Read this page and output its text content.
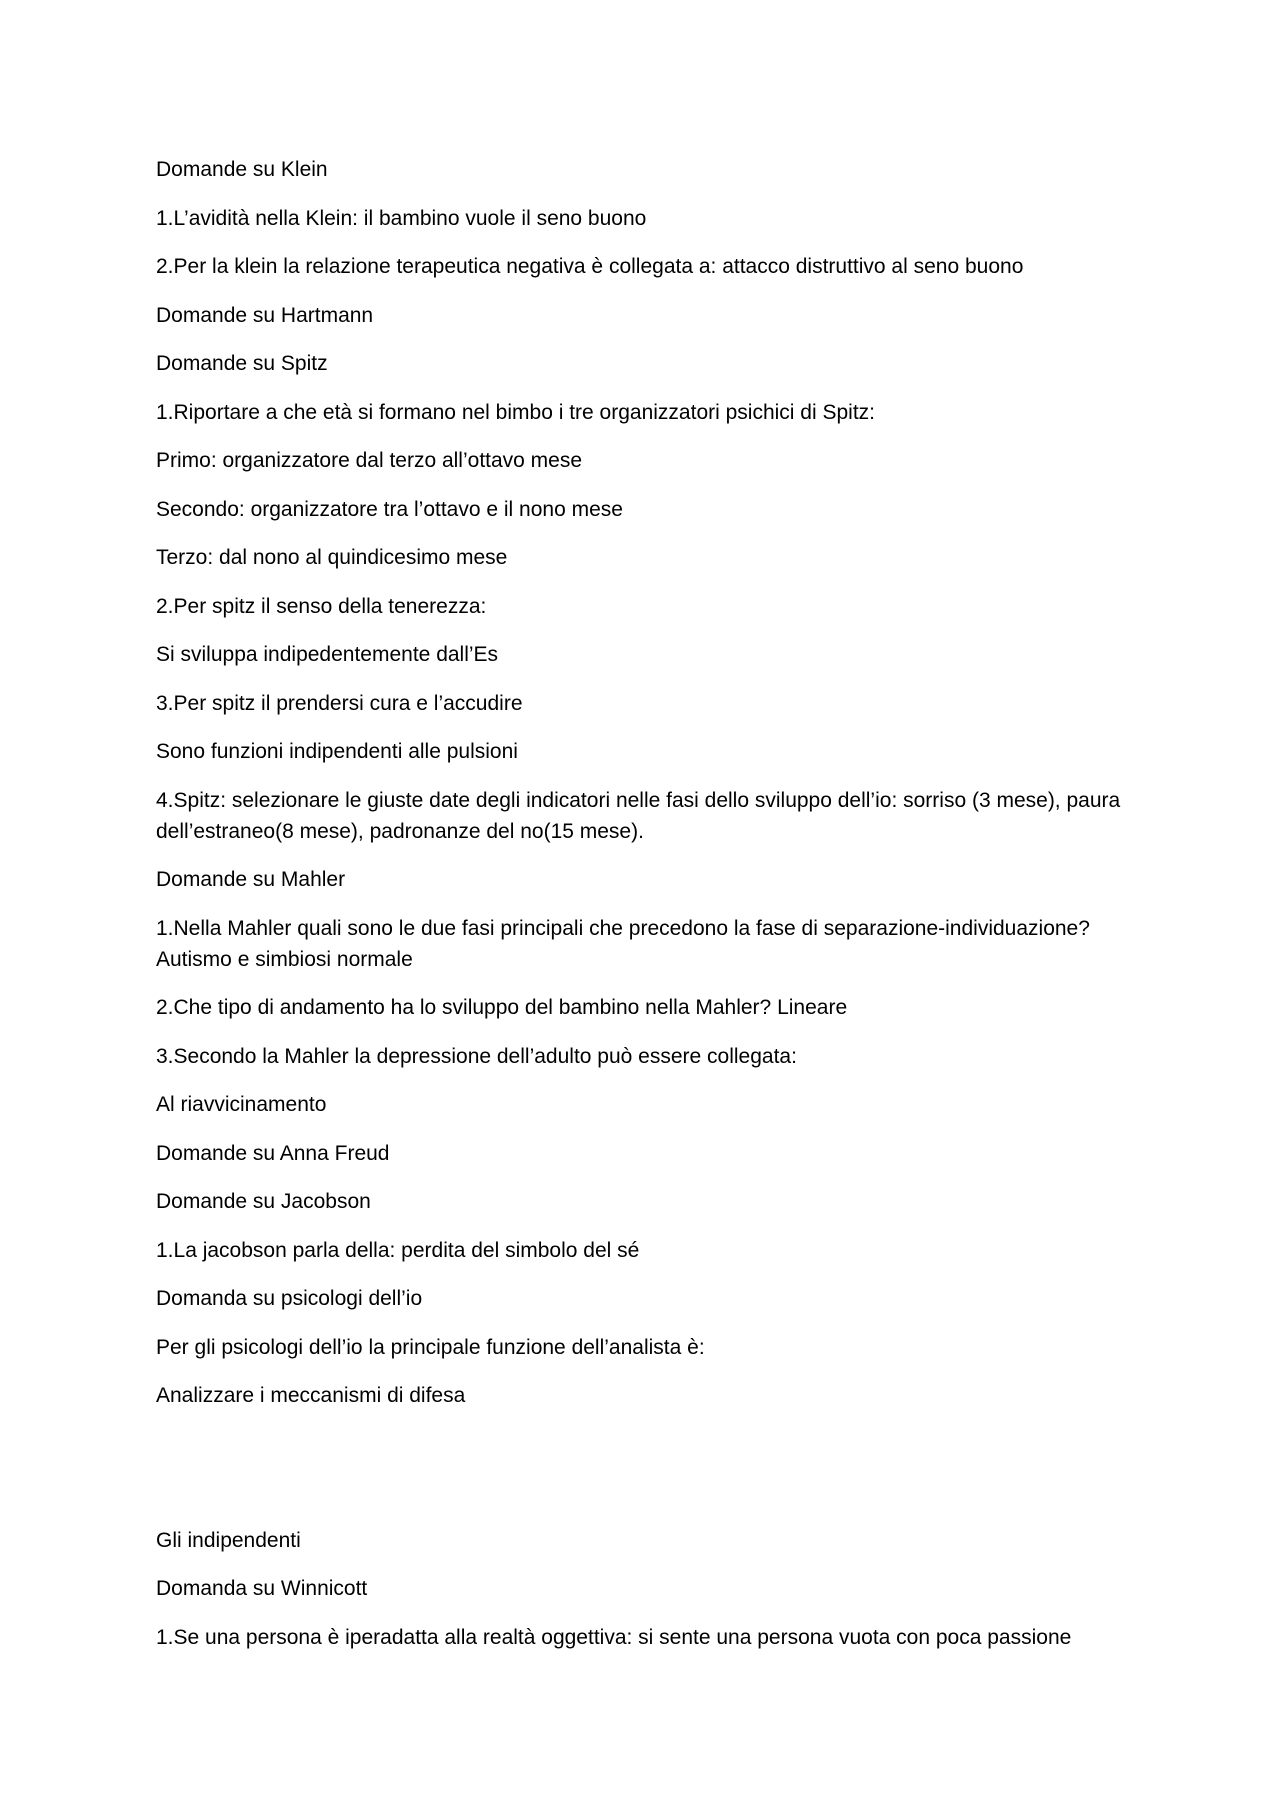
Domande su Klein

1.L’avidità nella Klein: il bambino vuole il seno buono

2.Per la klein la relazione terapeutica negativa è collegata a: attacco distruttivo al seno buono

Domande su Hartmann

Domande su Spitz

1.Riportare a che età si formano nel bimbo i tre organizzatori psichici di Spitz:

Primo: organizzatore dal terzo all’ottavo mese

Secondo: organizzatore tra l’ottavo e il nono mese

Terzo: dal nono al quindicesimo mese

2.Per spitz il senso della tenerezza:

Si sviluppa indipedentemente dall’Es

3.Per spitz il prendersi cura e l’accudire

Sono funzioni indipendenti alle pulsioni

4.Spitz: selezionare le giuste date degli indicatori nelle fasi dello sviluppo dell’io: sorriso (3 mese), paura dell’estraneo(8 mese), padronanze del no(15 mese).

Domande su Mahler

1.Nella Mahler quali sono le due fasi principali che precedono la fase di separazione-individuazione? Autismo e simbiosi normale

2.Che tipo di andamento ha lo sviluppo del bambino nella Mahler? Lineare

3.Secondo la Mahler la depressione dell’adulto può essere collegata:

Al riavvicinamento

Domande su Anna Freud

Domande su Jacobson

1.La jacobson parla della: perdita del simbolo del sé

Domanda su psicologi dell’io

Per gli psicologi dell’io la principale funzione dell’analista è:

Analizzare i meccanismi di difesa

Gli indipendenti

Domanda su Winnicott

1.Se una persona è iperadatta alla realtà oggettiva: si sente una persona vuota con poca passione
